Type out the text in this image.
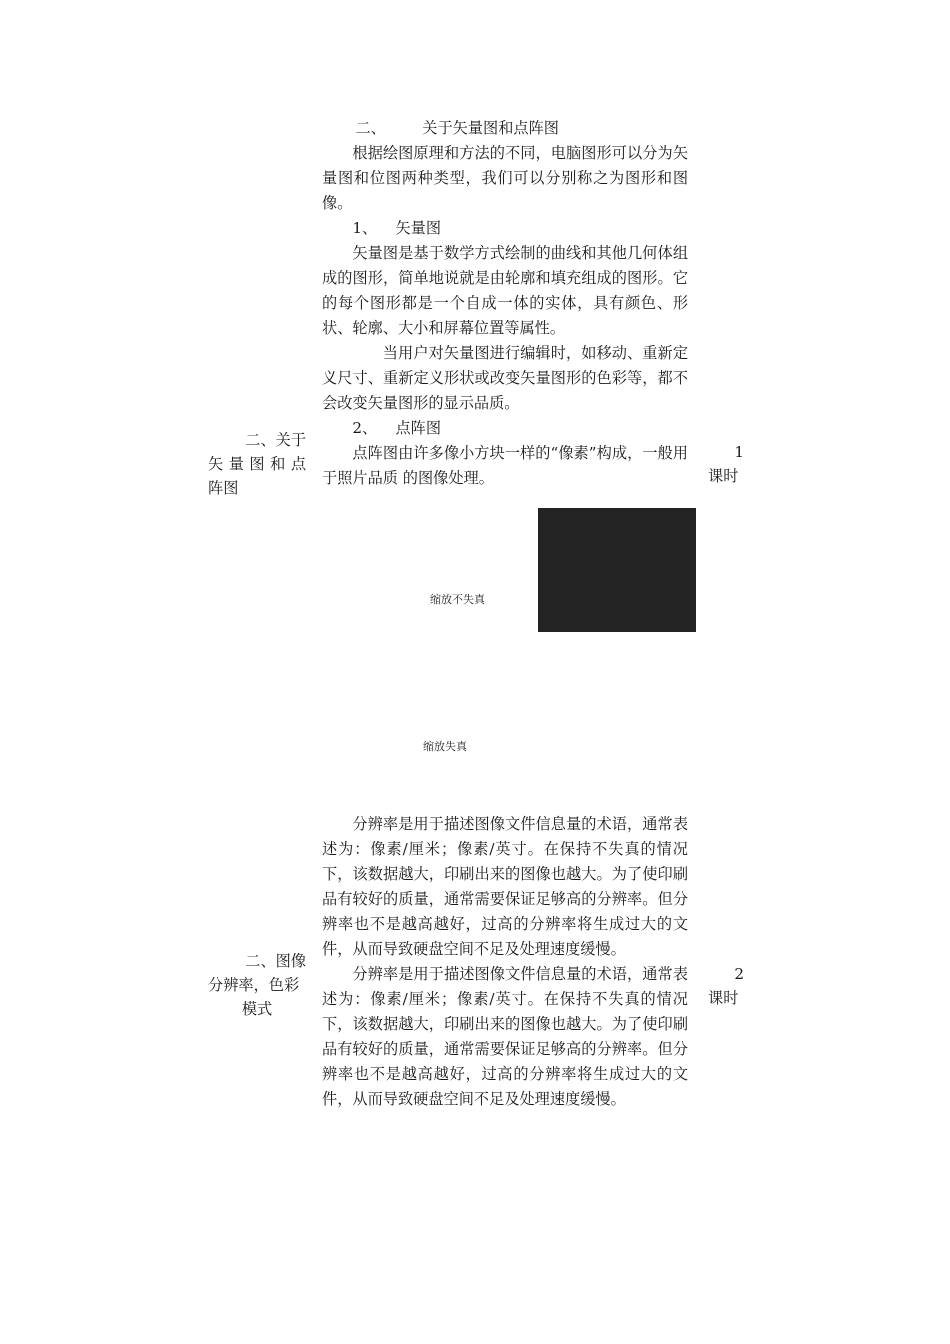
二、 关于矢量图和点阵图

根据绘图原理和方法的不同，电脑图形可以分为矢量图和位图两种类型，我们可以分别称之为图形和图像。

1、 矢量图

矢量图是基于数学方式绘制的曲线和其他几何体组成的图形，简单地说就是由轮廓和填充组成的图形。它的每个图形都是一个自成一体的实体，具有颜色、形状、轮廓、大小和屏幕位置等属性。

当用户对矢量图进行编辑时，如移动、重新定义尺寸、重新定义形状或改变矢量图形的色彩等，都不会改变矢量图形的显示品质。

2、 点阵图

点阵图由许多像小方块一样的“像素”构成，一般用于照片品质 的图像处理。

二、关于
矢量图和点
阵图
1
课时
缩放不失真
缩放失真

分辨率是用于描述图像文件信息量的术语，通常表述为：像素/厘米；像素/英寸。在保持不失真的情况下，该数据越大，印刷出来的图像也越大。为了使印刷品有较好的质量，通常需要保证足够高的分辨率。但分辨率也不是越高越好，过高的分辨率将生成过大的文件，从而导致硬盘空间不足及处理速度缓慢。

分辨率是用于描述图像文件信息量的术语，通常表述为：像素/厘米；像素/英寸。在保持不失真的情况下，该数据越大，印刷出来的图像也越大。为了使印刷品有较好的质量，通常需要保证足够高的分辨率。但分辨率也不是越高越好，过高的分辨率将生成过大的文件，从而导致硬盘空间不足及处理速度缓慢。

二、图像
分辨率，色彩
模式
2
课时
